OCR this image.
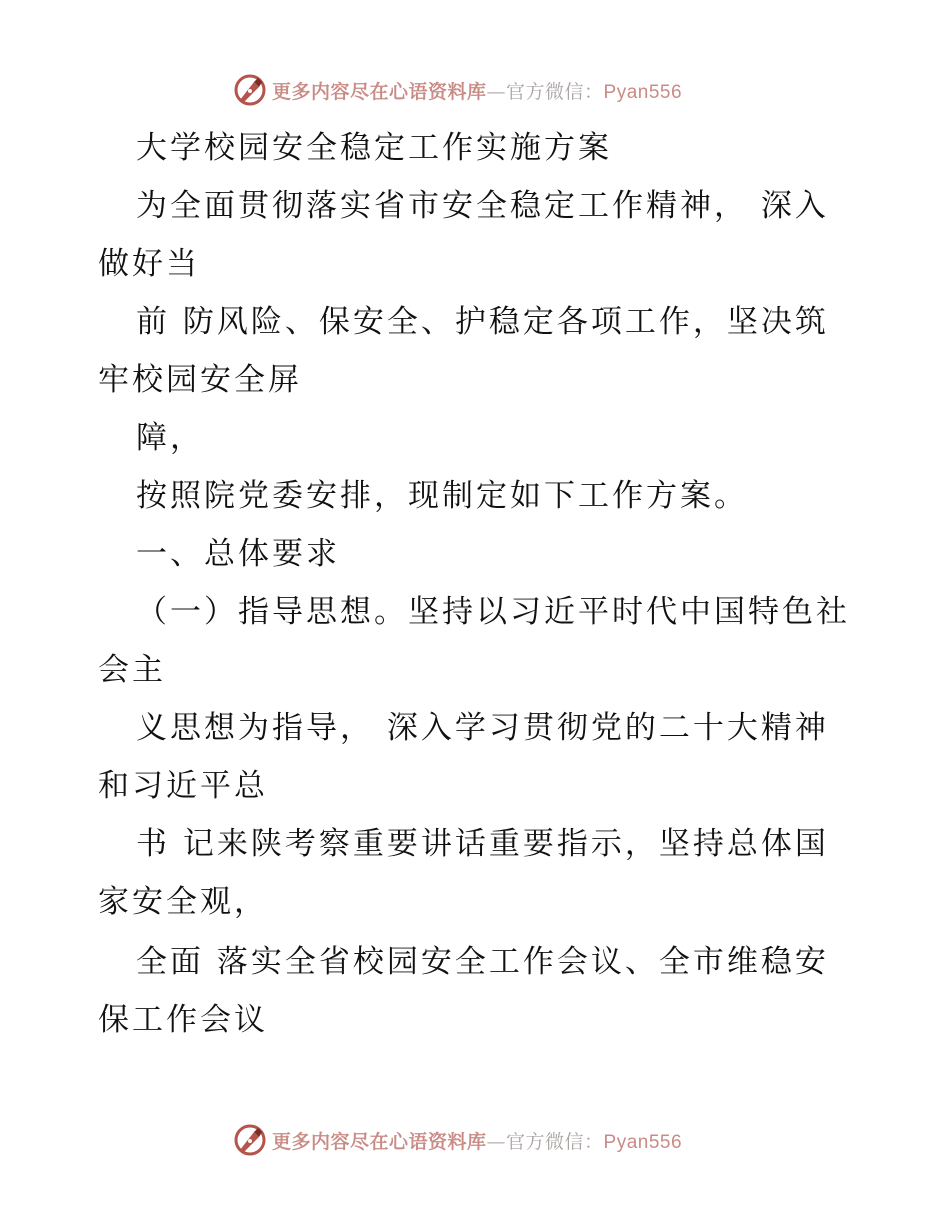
更多内容尽在心语资料库—官方微信：Pyan556
大学校园安全稳定工作实施方案
为全面贯彻落实省市安全稳定工作精神， 深入
做好当
前 防风险、保安全、护稳定各项工作，坚决筑
牢校园安全屏
障，
按照院党委安排，现制定如下工作方案。
一、总体要求
（一）指导思想。坚持以习近平时代中国特色社
会主
义思想为指导， 深入学习贯彻党的二十大精神
和习近平总
书 记来陕考察重要讲话重要指示，坚持总体国
家安全观，
全面 落实全省校园安全工作会议、全市维稳安
保工作会议
更多内容尽在心语资料库—官方微信：Pyan556
